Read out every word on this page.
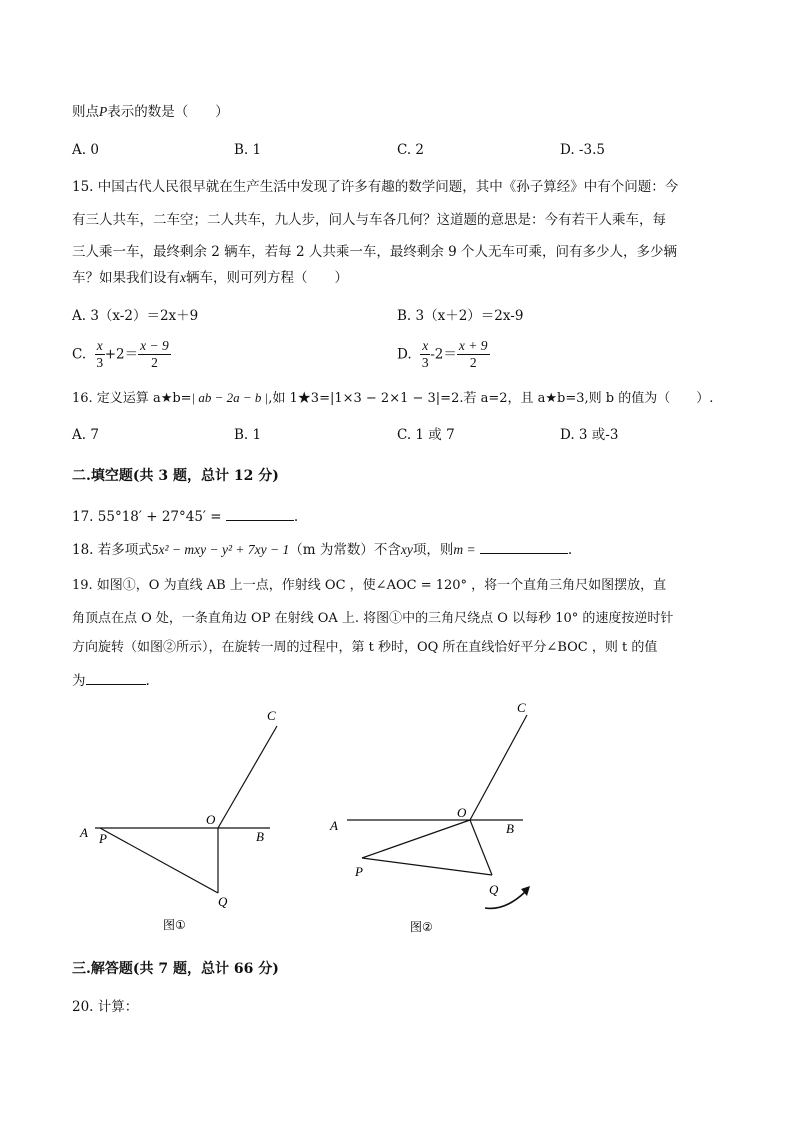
则点P表示的数是（　　）
A. 0	B. 1	C. 2	D. -3.5
15. 中国古代人民很早就在生产生活中发现了许多有趣的数学问题，其中《孙子算经》中有个问题：今
有三人共车，二车空；二人共车，九人步，问人与车各几何？这道题的意思是：今有若干人乘车，每
三人乘一车，最终剩余 2 辆车，若每 2 人共乘一车，最终剩余 9 个人无车可乘，问有多少人，多少辆
车？如果我们设有x辆车，则可列方程（　　）
A. 3（x-2）＝2x＋9	B. 3（x＋2）＝2x-9
C. $\frac{x}{3} +2= \frac{x - 9}{2}$	D. $\frac{x}{3} -2= \frac{x + 9}{2}$
16. 定义运算 a★b=| ab − 2a − b |,如 1★3=|1×3 − 2×1 − 3|=2.若 a=2，且 a★b=3,则 b 的值为（　　）.
A. 7	B. 1	C. 1 或 7	D. 3 或-3
二.填空题(共 3 题，总计 12 分)
17. 55°18′ + 27°45′ =	.
18. 若多项式5x² − mxy − y² + 7xy − 1（m 为常数）不含xy项，则m =	.
19. 如图①，O 为直线 AB 上一点，作射线 OC ，使∠AOC = 120° ，将一个直角三角尺如图摆放，直
角顶点在点 O 处，一条直角边 OP 在射线 OA 上. 将图①中的三角尺绕点 O 以每秒 10° 的速度按逆时针
方向旋转（如图②所示），在旋转一周的过程中，第 t 秒时，OQ 所在直线恰好平分∠BOC ，则 t 的值
为	.
C
O
A P	B
Q
图①
C
O
A
P
B
Q
图②
三.解答题(共 7 题，总计 66 分)
20. 计算：
